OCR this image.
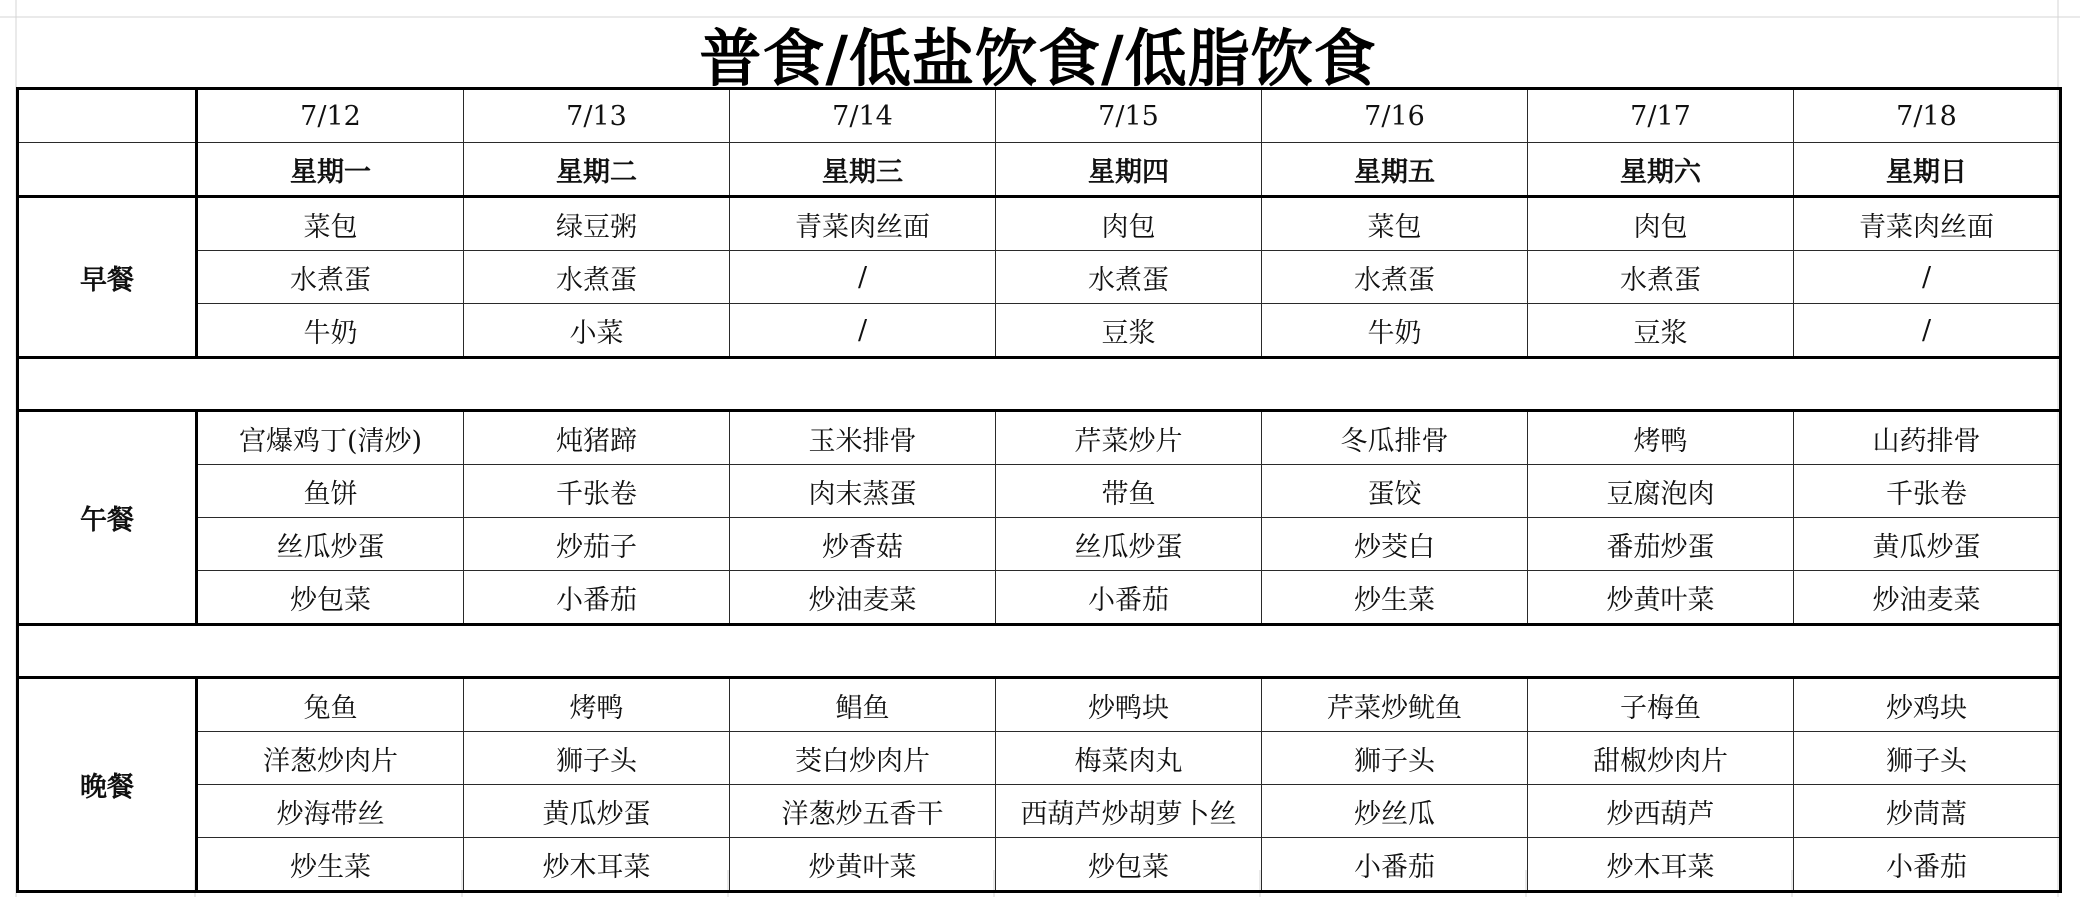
普食/低盐饮食/低脂饮食
	7/12	7/13	7/14	7/15	7/16	7/17	7/18
	星期一	星期二	星期三	星期四	星期五	星期六	星期日
早餐	菜包	绿豆粥	青菜肉丝面	肉包	菜包	肉包	青菜肉丝面
	水煮蛋	水煮蛋	/	水煮蛋	水煮蛋	水煮蛋	/
	牛奶	小菜	/	豆浆	牛奶	豆浆	/

午餐	宫爆鸡丁(清炒)	炖猪蹄	玉米排骨	芹菜炒片	冬瓜排骨	烤鸭	山药排骨
	鱼饼	千张卷	肉末蒸蛋	带鱼	蛋饺	豆腐泡肉	千张卷
	丝瓜炒蛋	炒茄子	炒香菇	丝瓜炒蛋	炒茭白	番茄炒蛋	黄瓜炒蛋
	炒包菜	小番茄	炒油麦菜	小番茄	炒生菜	炒黄叶菜	炒油麦菜

晚餐	兔鱼	烤鸭	鲳鱼	炒鸭块	芹菜炒鱿鱼	子梅鱼	炒鸡块
	洋葱炒肉片	狮子头	茭白炒肉片	梅菜肉丸	狮子头	甜椒炒肉片	狮子头
	炒海带丝	黄瓜炒蛋	洋葱炒五香干	西葫芦炒胡萝卜丝	炒丝瓜	炒西葫芦	炒茼蒿
	炒生菜	炒木耳菜	炒黄叶菜	炒包菜	小番茄	炒木耳菜	小番茄
